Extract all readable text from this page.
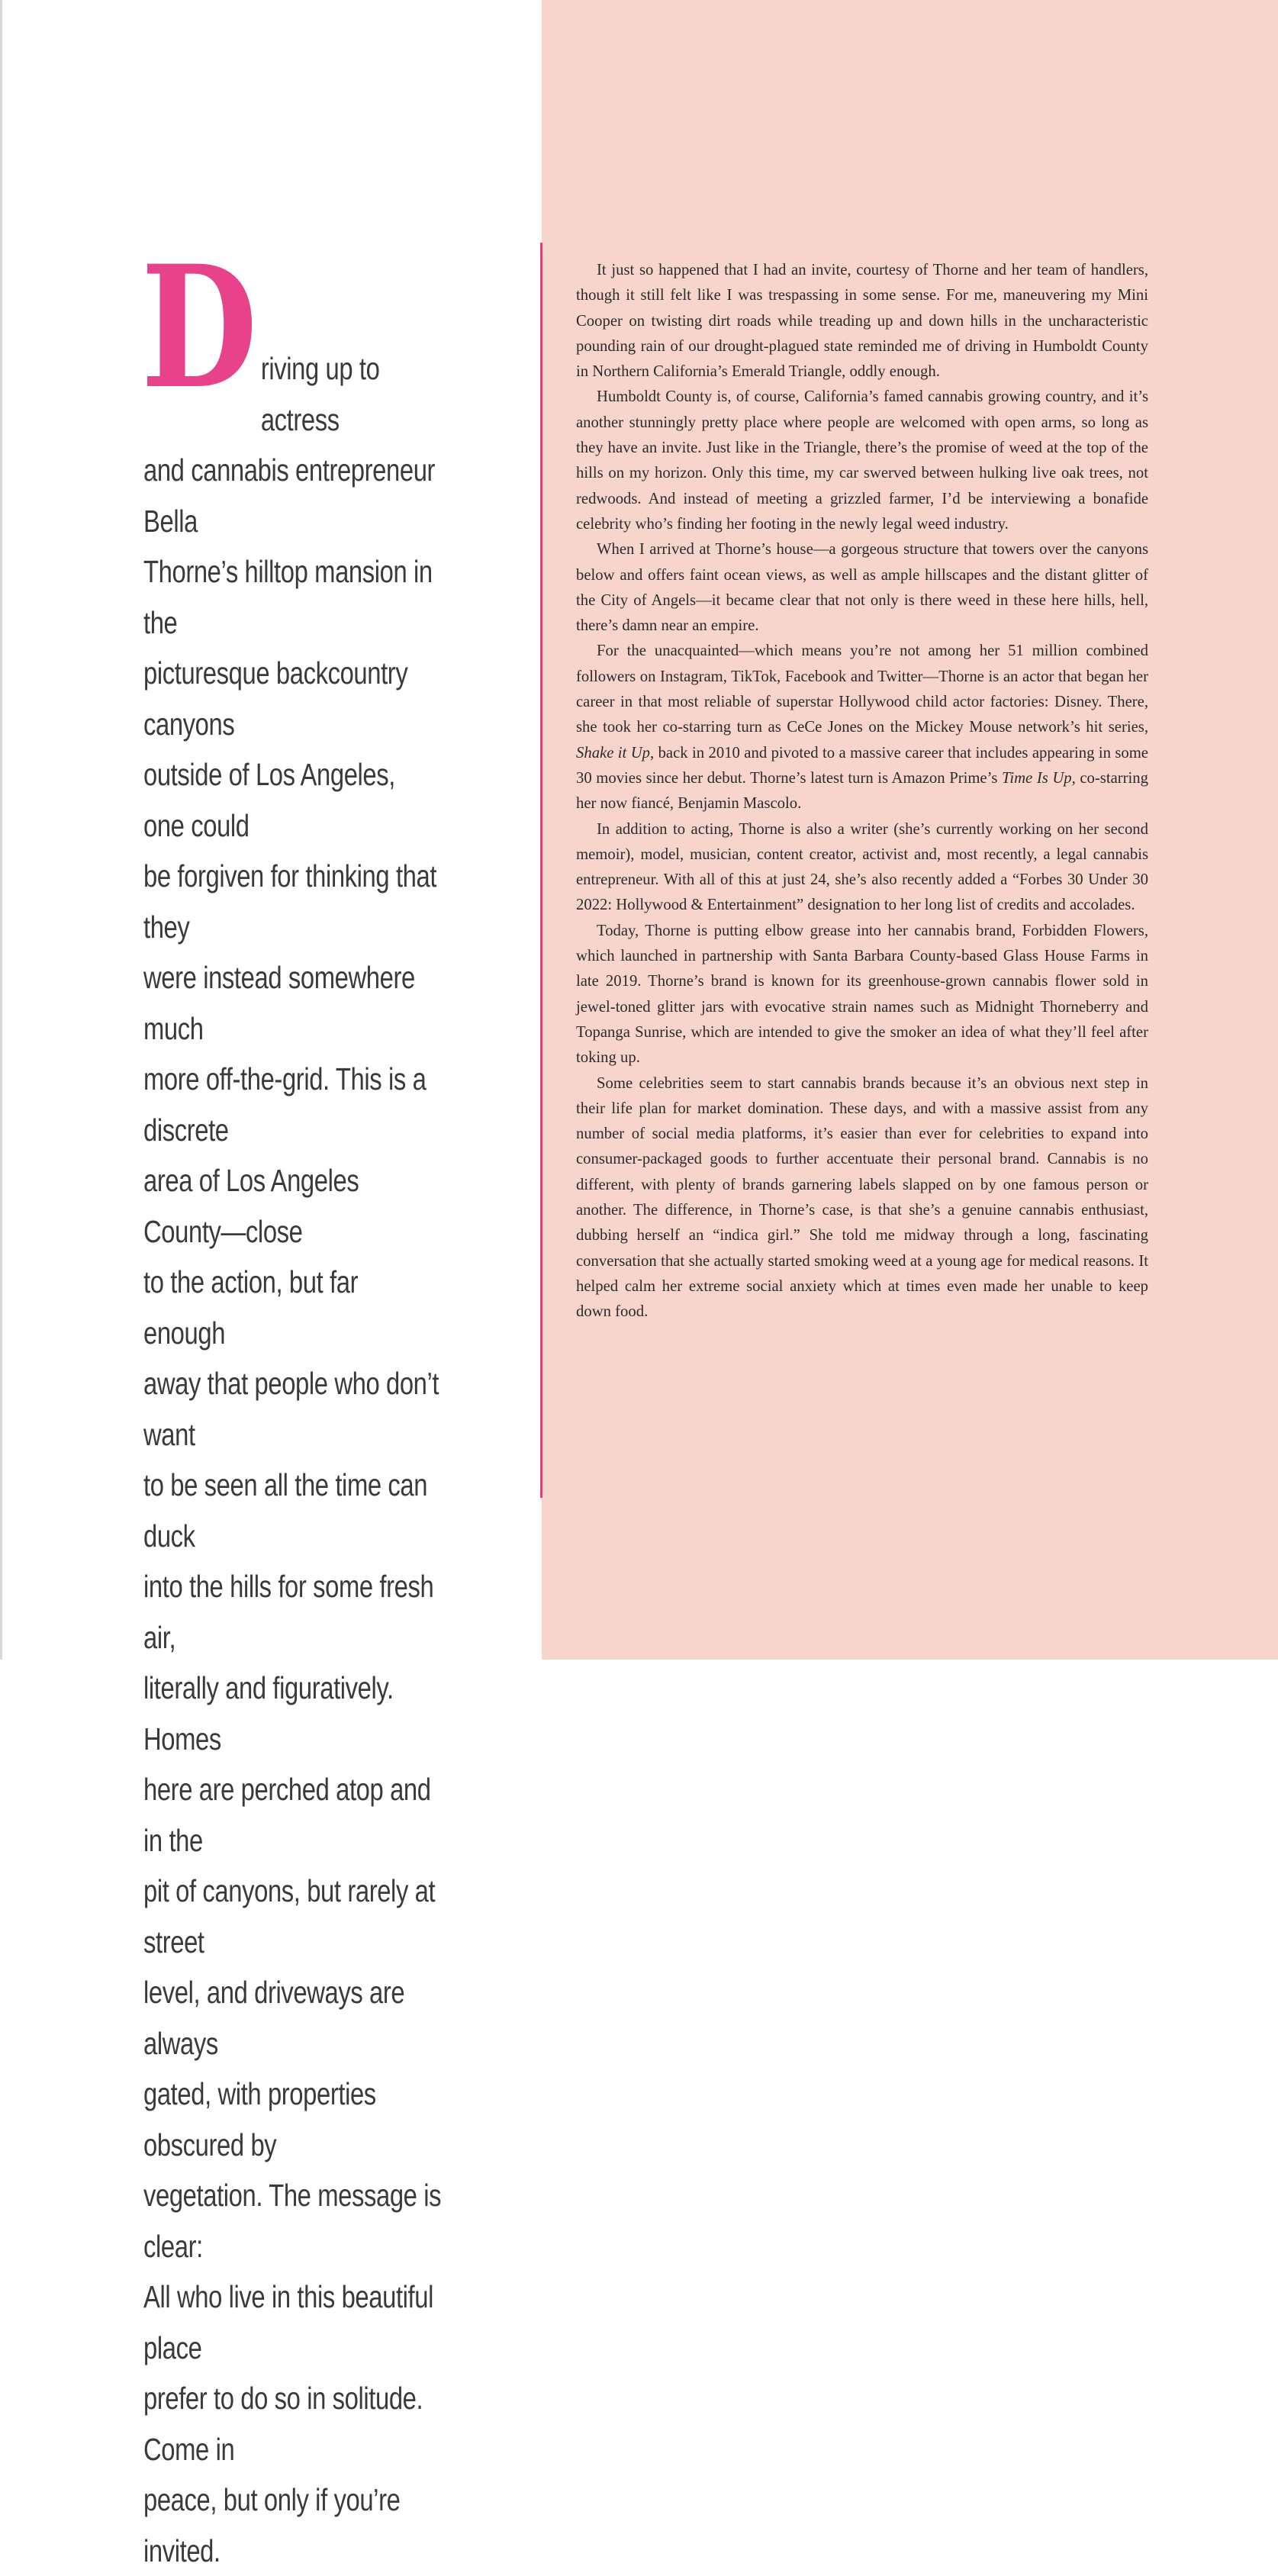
D riving up to actress
and cannabis entrepreneur Bella
Thorne’s hilltop mansion in the
picturesque backcountry canyons
outside of Los Angeles, one could
be forgiven for thinking that they
were instead somewhere much
more off-the-grid. This is a discrete
area of Los Angeles County—close
to the action, but far enough
away that people who don’t want
to be seen all the time can duck
into the hills for some fresh air,
literally and figuratively. Homes
here are perched atop and in the
pit of canyons, but rarely at street
level, and driveways are always
gated, with properties obscured by
vegetation. The message is clear:
All who live in this beautiful place
prefer to do so in solitude. Come in
peace, but only if you’re invited.

It just so happened that I had an invite, courtesy of Thorne and her team of handlers, though it still felt like I was trespassing in some sense. For me, maneuvering my Mini Cooper on twisting dirt roads while treading up and down hills in the uncharacteristic pounding rain of our drought-plagued state reminded me of driving in Humboldt County in Northern California’s Emerald Triangle, oddly enough.

Humboldt County is, of course, California’s famed cannabis growing country, and it’s another stunningly pretty place where people are welcomed with open arms, so long as they have an invite. Just like in the Triangle, there’s the promise of weed at the top of the hills on my horizon. Only this time, my car swerved between hulking live oak trees, not redwoods. And instead of meeting a grizzled farmer, I’d be interviewing a bonafide celebrity who’s finding her footing in the newly legal weed industry.

When I arrived at Thorne’s house—a gorgeous structure that towers over the canyons below and offers faint ocean views, as well as ample hillscapes and the distant glitter of the City of Angels—it became clear that not only is there weed in these here hills, hell, there’s damn near an empire.

For the unacquainted—which means you’re not among her 51 million combined followers on Instagram, TikTok, Facebook and Twitter—Thorne is an actor that began her career in that most reliable of superstar Hollywood child actor factories: Disney. There, she took her co-starring turn as CeCe Jones on the Mickey Mouse network’s hit series, Shake it Up, back in 2010 and pivoted to a massive career that includes appearing in some 30 movies since her debut. Thorne’s latest turn is Amazon Prime’s Time Is Up, co-starring her now fiancé, Benjamin Mascolo.

In addition to acting, Thorne is also a writer (she’s currently working on her second memoir), model, musician, content creator, activist and, most recently, a legal cannabis entrepreneur. With all of this at just 24, she’s also recently added a “Forbes 30 Under 30 2022: Hollywood & Entertainment” designation to her long list of credits and accolades.

Today, Thorne is putting elbow grease into her cannabis brand, Forbidden Flowers, which launched in partnership with Santa Barbara County-based Glass House Farms in late 2019. Thorne’s brand is known for its greenhouse-grown cannabis flower sold in jewel-toned glitter jars with evocative strain names such as Midnight Thorneberry and Topanga Sunrise, which are intended to give the smoker an idea of what they’ll feel after toking up.

Some celebrities seem to start cannabis brands because it’s an obvious next step in their life plan for market domination. These days, and with a massive assist from any number of social media platforms, it’s easier than ever for celebrities to expand into consumer-packaged goods to further accentuate their personal brand. Cannabis is no different, with plenty of brands garnering labels slapped on by one famous person or another. The difference, in Thorne’s case, is that she’s a genuine cannabis enthusiast, dubbing herself an “indica girl.” She told me midway through a long, fascinating conversation that she actually started smoking weed at a young age for medical reasons. It helped calm her extreme social anxiety which at times even made her unable to keep down food.
